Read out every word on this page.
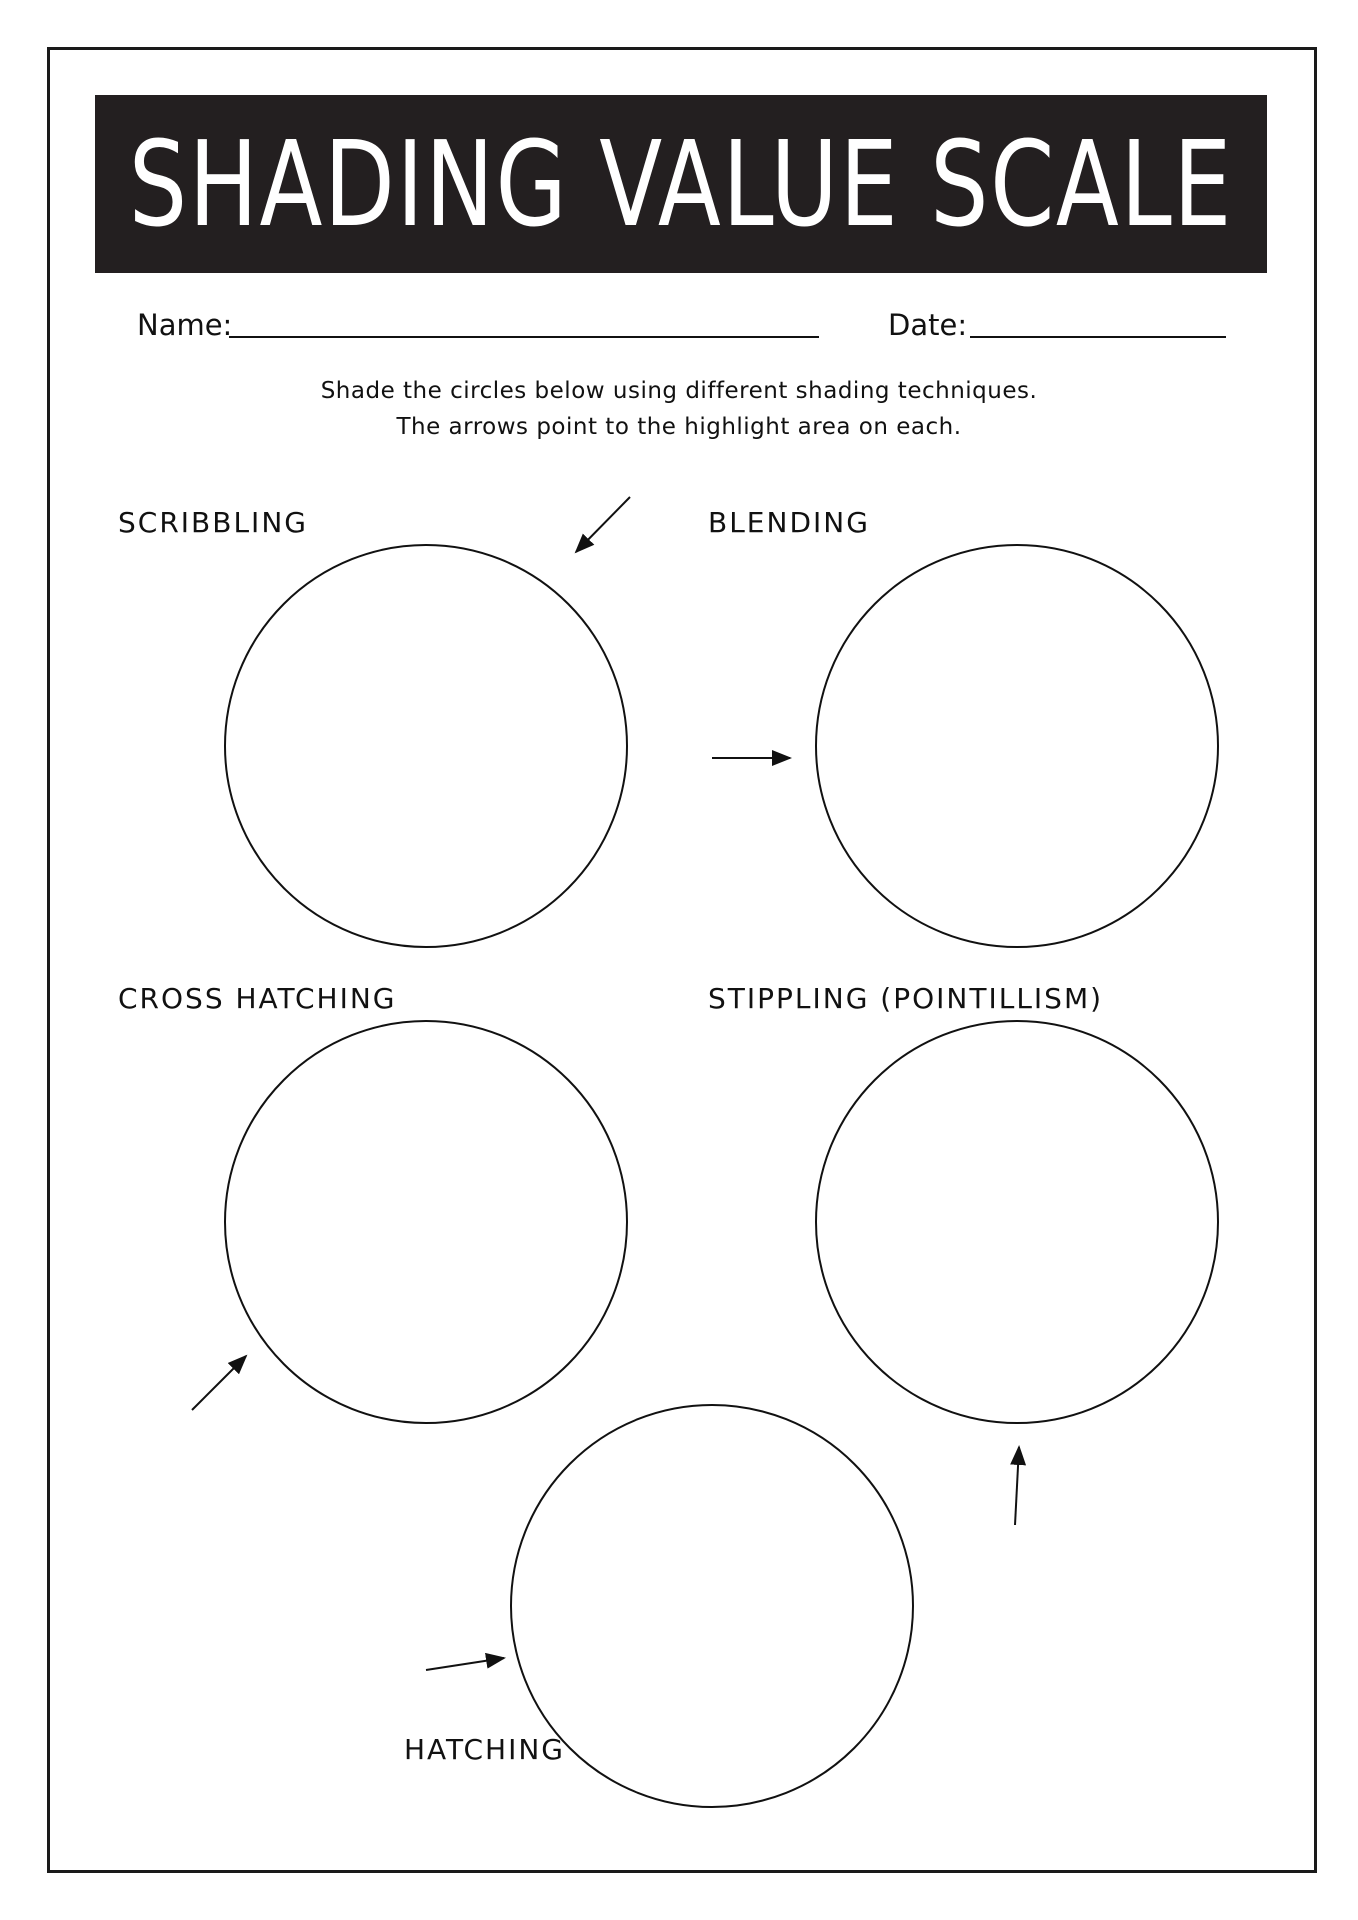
SHADING VALUE SCALE
Name:	Date:
Shade the circles below using different shading techniques.
The arrows point to the highlight area on each.
SCRIBBLING	BLENDING
CROSS HATCHING	STIPPLING (POINTILLISM)
HATCHING
